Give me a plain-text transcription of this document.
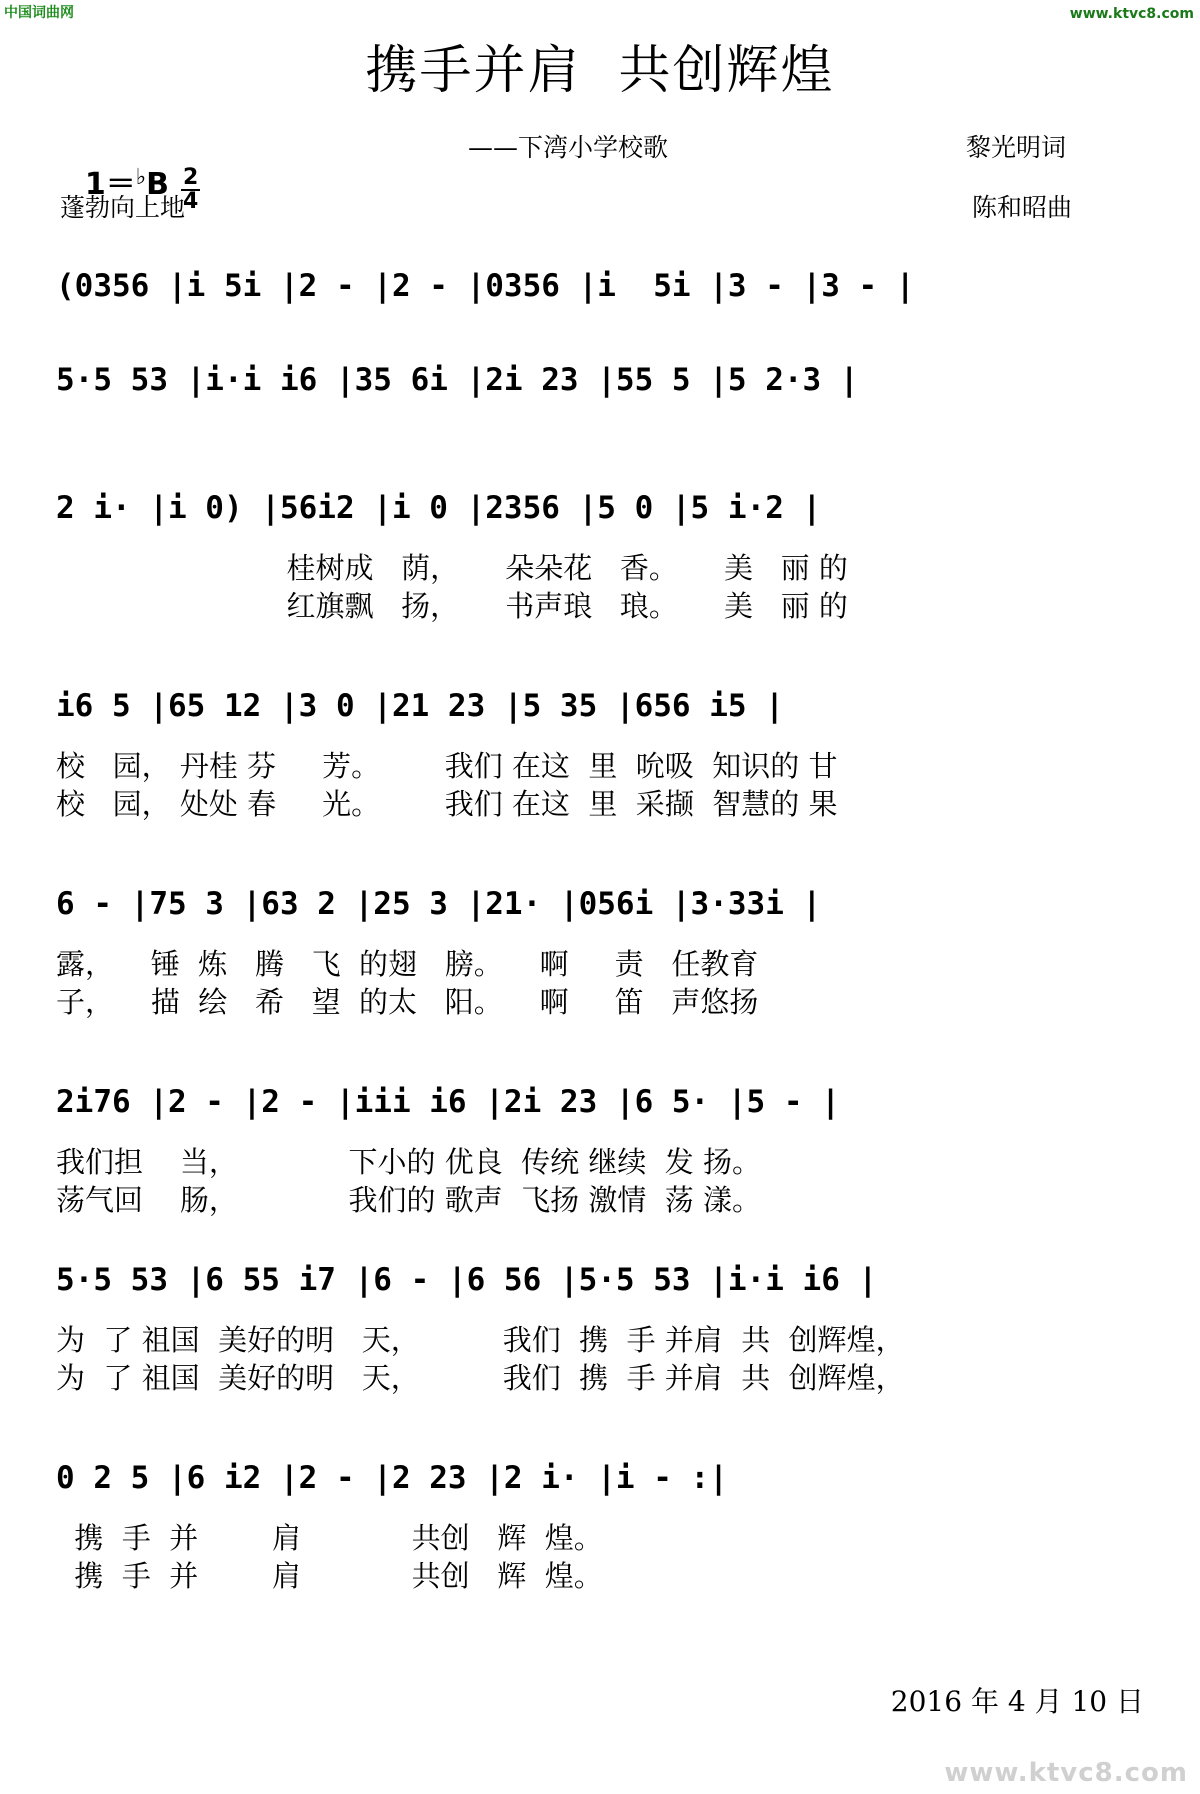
中国词曲网	www.ktvc8.com
携手并肩  共创辉煌

$1=^♭B \frac{2}{4}$

——下湾小学校歌	黎光明词
蓬勃向上地	陈和昭曲
(0356 |i 5i |2 - |2 - |0356 |i  5i |3 - |3 - |
5·5 53 |i·i i6 |35 6i |2i 23 |55 5 |5 2·3 |
2 i· |i 0) |56i2 |i 0 |2356 |5 0 |5 i·2 |
桂树成   荫，     朵朵花   香。     美   丽 的
红旗飘   扬，     书声琅   琅。     美   丽 的
i6 5 |65 12 |3 0 |21 23 |5 35 |656 i5 |
校   园， 丹桂 芬     芳。       我们 在这  里  吮吸  知识的 甘
校   园， 处处 春     光。       我们 在这  里  采撷  智慧的 果
6 - |75 3 |63 2 |25 3 |21· |056i |3·33i |
露，    锤  炼   腾   飞  的翅   膀。    啊     责   任教育
子，    描  绘   希   望  的太   阳。    啊     笛   声悠扬
2i76 |2 - |2 - |iii i6 |2i 23 |6 5· |5 - |
我们担    当，            下小的 优良  传统 继续  发 扬。
荡气回    肠，            我们的 歌声  飞扬 激情  荡 漾。
5·5 53 |6 55 i7 |6 - |6 56 |5·5 53 |i·i i6 |
为  了 祖国  美好的明   天，         我们  携  手 并肩  共  创辉煌，
为  了 祖国  美好的明   天，         我们  携  手 并肩  共  创辉煌，
0 2 5 |6 i2 |2 - |2 23 |2 i· |i - :|
携  手  并        肩            共创   辉  煌。
携  手  并        肩            共创   辉  煌。
2016 年 4 月 10 日
www.ktvc8.com
